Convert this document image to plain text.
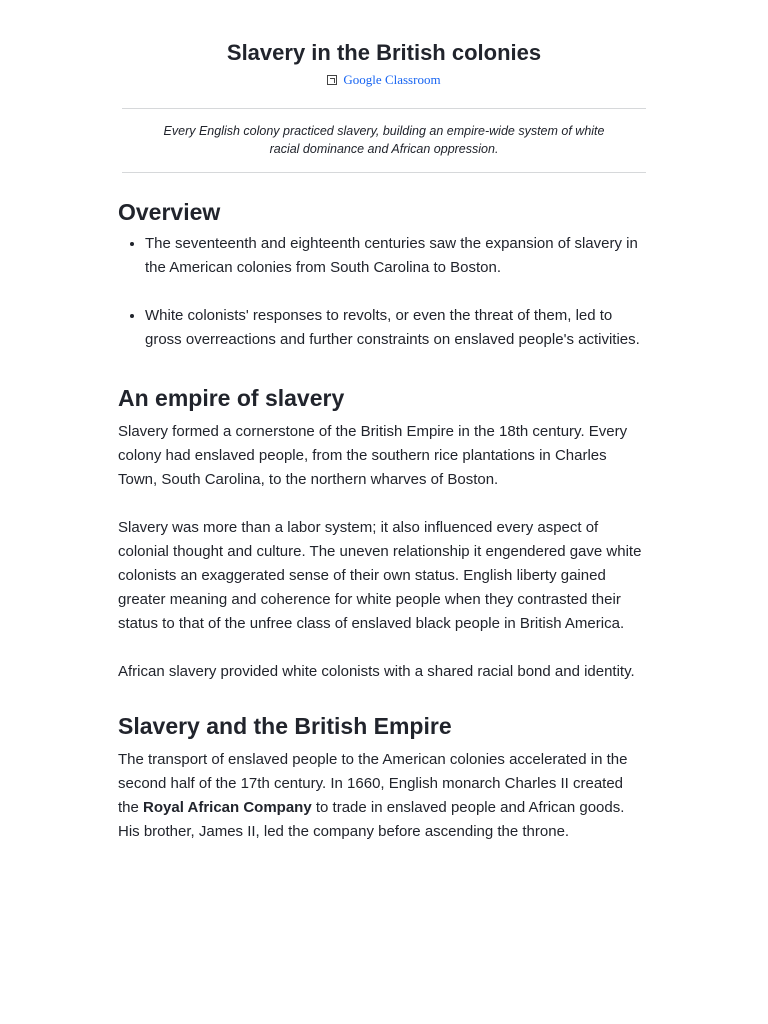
Slavery in the British colonies
Google Classroom

Every English colony practiced slavery, building an empire-wide system of white racial dominance and African oppression.

Overview
• The seventeenth and eighteenth centuries saw the expansion of slavery in the American colonies from South Carolina to Boston.
• White colonists' responses to revolts, or even the threat of them, led to gross overreactions and further constraints on enslaved people's activities.
An empire of slavery

Slavery formed a cornerstone of the British Empire in the 18th century. Every colony had enslaved people, from the southern rice plantations in Charles Town, South Carolina, to the northern wharves of Boston.

Slavery was more than a labor system; it also influenced every aspect of colonial thought and culture. The uneven relationship it engendered gave white colonists an exaggerated sense of their own status. English liberty gained greater meaning and coherence for white people when they contrasted their status to that of the unfree class of enslaved black people in British America.

African slavery provided white colonists with a shared racial bond and identity.

Slavery and the British Empire

The transport of enslaved people to the American colonies accelerated in the second half of the 17th century. In 1660, English monarch Charles II created the Royal African Company to trade in enslaved people and African goods. His brother, James II, led the company before ascending the throne.
